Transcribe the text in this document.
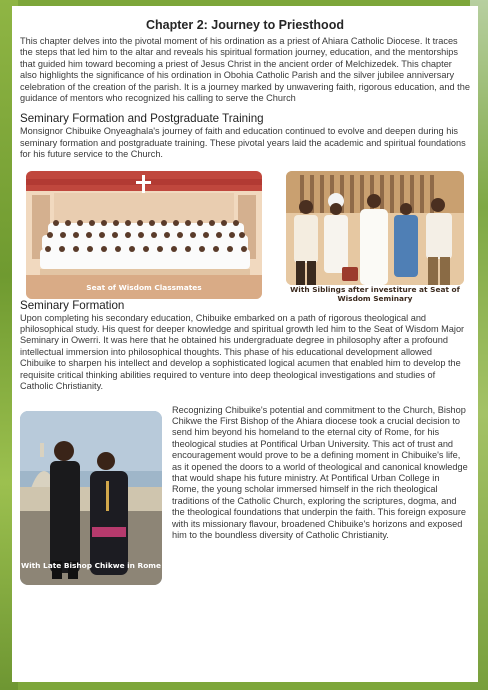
Chapter 2: Journey to Priesthood

This chapter delves into the pivotal moment of his ordination as a priest of Ahiara Catholic Diocese. It traces the steps that led him to the altar and reveals his spiritual formation journey, education, and the mentorships that guided him toward becoming a priest of Jesus Christ in the ancient order of Melchizedek. This chapter also highlights the significance of his ordination in Obohia Catholic Parish and the silver jubilee anniversary celebration of the creation of the parish. It is a journey marked by unwavering faith, rigorous education, and the guidance of mentors who recognized his calling to serve the Church

Seminary Formation and Postgraduate Training

Monsignor Chibuike Onyeaghala's journey of faith and education continued to evolve and deepen during his seminary formation and postgraduate training. These pivotal years laid the academic and spiritual foundations for his future service to the Church.

Seat of Wisdom Classmates	With Siblings after investiture at Seat of
Wisdom Seminary
Seminary Formation

Upon completing his secondary education, Chibuike embarked on a path of rigorous theological and philosophical study. His quest for deeper knowledge and spiritual growth led him to the Seat of Wisdom Major Seminary in Owerri. It was here that he obtained his undergraduate degree in philosophy after a profound intellectual immersion into philosophical thoughts. This phase of his educational development allowed Chibuike to sharpen his intellect and develop a sophisticated logical acumen that enabled him to develop the requisite critical thinking abilities required to venture into deep theological investigations and studies of Catholic Christianity.

With Late Bishop Chikwe in Rome

Recognizing Chibuike's potential and commitment to the Church, Bishop Chikwe the First Bishop of the Ahiara diocese took a crucial decision to send him beyond his homeland to the eternal city of Rome, for his theological studies at Pontifical Urban University. This act of trust and encouragement would prove to be a defining moment in Chibuike's life, as it opened the doors to a world of theological and canonical knowledge that would shape his future ministry. At Pontifical Urban College in Rome, the young scholar immersed himself in the rich theological traditions of the Catholic Church, exploring the scriptures, dogma, and the theological foundations that underpin the faith. This foreign exposure with its missionary flavour, broadened Chibuike's horizons and exposed him to the boundless diversity of Catholic Christianity.
